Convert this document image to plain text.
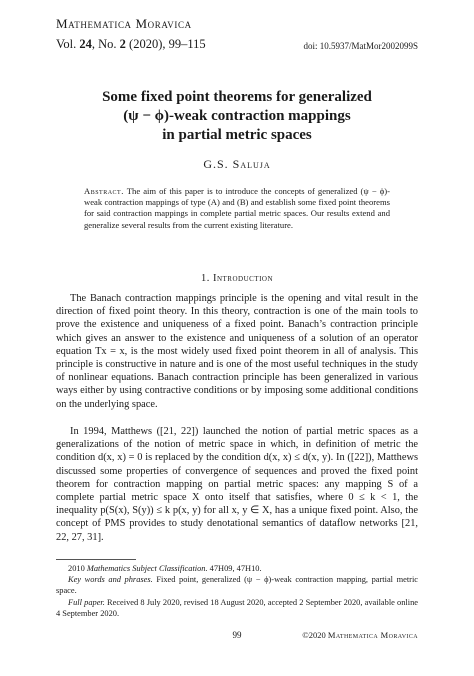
Mathematica Moravica
Vol. 24, No. 2 (2020), 99–115	doi: 10.5937/MatMor2002099S
Some fixed point theorems for generalized
(ψ − ϕ)-weak contraction mappings
in partial metric spaces
G.S. Saluja
Abstract. The aim of this paper is to introduce the concepts of generalized (ψ − ϕ)-weak contraction mappings of type (A) and (B) and establish some fixed point theorems for said contraction mappings in complete partial metric spaces. Our results extend and generalize several results from the current existing literature.
1. Introduction
The Banach contraction mappings principle is the opening and vital result in the direction of fixed point theory. In this theory, contraction is one of the main tools to prove the existence and uniqueness of a fixed point. Banach’s contraction principle which gives an answer to the existence and uniqueness of a solution of an operator equation Tx = x, is the most widely used fixed point theorem in all of analysis. This principle is constructive in nature and is one of the most useful techniques in the study of nonlinear equations. Banach contraction principle has been generalized in various ways either by using contractive conditions or by imposing some additional conditions on the underlying space.
In 1994, Matthews ([21, 22]) launched the notion of partial metric spaces as a generalizations of the notion of metric space in which, in definition of metric the condition d(x, x) = 0 is replaced by the condition d(x, x) ≤ d(x, y). In ([22]), Matthews discussed some properties of convergence of sequences and proved the fixed point theorem for contraction mapping on partial metric spaces: any mapping S of a complete partial metric space X onto itself that satisfies, where 0 ≤ k < 1, the inequality p(S(x), S(y)) ≤ k p(x, y) for all x, y ∈ X, has a unique fixed point. Also, the concept of PMS provides to study denotational semantics of dataflow networks [21, 22, 27, 31].
2010 Mathematics Subject Classification. 47H09, 47H10.
Key words and phrases. Fixed point, generalized (ψ − ϕ)-weak contraction mapping, partial metric space.
Full paper. Received 8 July 2020, revised 18 August 2020, accepted 2 September 2020, available online 4 September 2020.
99	©2020 Mathematica Moravica
